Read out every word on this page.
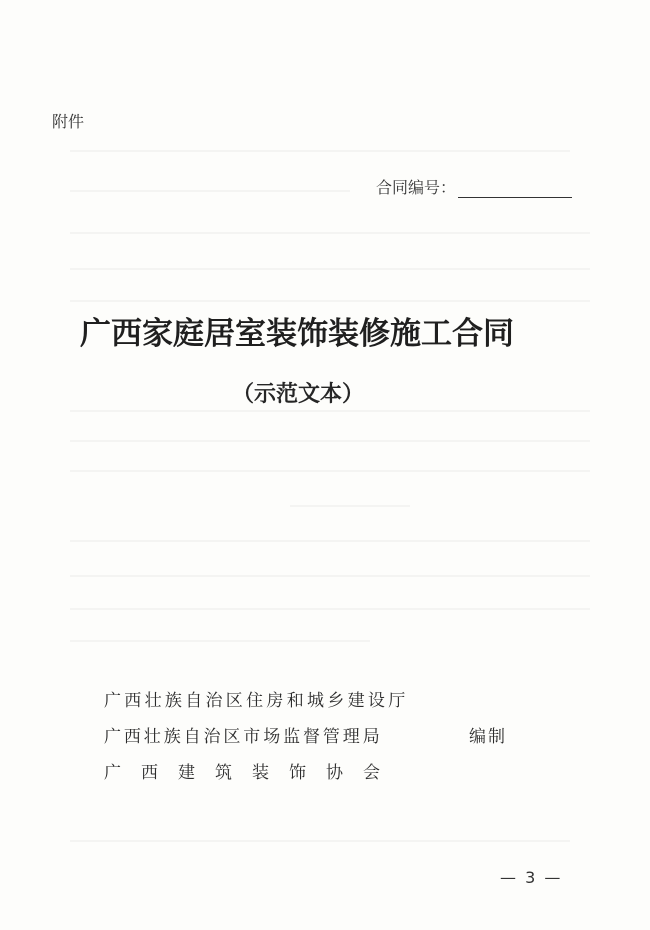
附件
合同编号：
广西家庭居室装饰装修施工合同
（示范文本）
广西壮族自治区住房和城乡建设厅
广西壮族自治区市场监督管理局	编制
广西建筑装饰协会
— 3 —
